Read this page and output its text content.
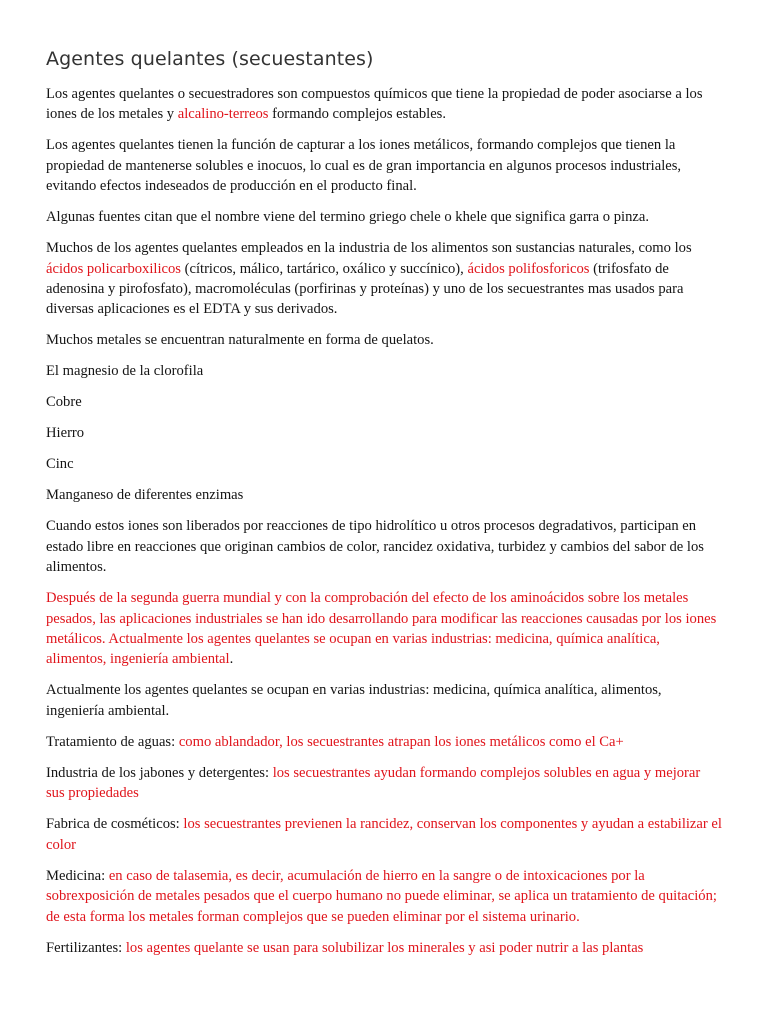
Agentes quelantes (secuestantes)

Los agentes quelantes o secuestradores son compuestos químicos que tiene la propiedad de poder asociarse a los iones de los metales y alcalino-terreos formando complejos estables.

Los agentes quelantes tienen la función de capturar a los iones metálicos, formando complejos que tienen la propiedad de mantenerse solubles e inocuos, lo cual es de gran importancia en algunos procesos industriales, evitando efectos indeseados de producción en el producto final.

Algunas fuentes citan que el nombre viene del termino griego chele o khele que significa garra o pinza.

Muchos de los agentes quelantes empleados en la industria de los alimentos son sustancias naturales, como los ácidos policarboxilicos (cítricos, málico, tartárico, oxálico y succínico), ácidos polifosforicos (trifosfato de adenosina y pirofosfato), macromoléculas (porfirinas y proteínas) y uno de los secuestrantes mas usados para diversas aplicaciones es el EDTA y sus derivados.

Muchos metales se encuentran naturalmente en forma de quelatos.

El magnesio de la clorofila

Cobre

Hierro

Cinc

Manganeso de diferentes enzimas

Cuando estos iones son liberados por reacciones de tipo hidrolítico u otros procesos degradativos, participan en estado libre en reacciones que originan cambios de color, rancidez oxidativa, turbidez y cambios del sabor de los alimentos.

Después de la segunda guerra mundial y con la comprobación del efecto de los aminoácidos sobre los metales pesados, las aplicaciones industriales se han ido desarrollando para modificar las reacciones causadas por los iones metálicos. Actualmente los agentes quelantes se ocupan en varias industrias: medicina, química analítica, alimentos, ingeniería ambiental.

Actualmente los agentes quelantes se ocupan en varias industrias: medicina, química analítica, alimentos, ingeniería ambiental.

Tratamiento de aguas: como ablandador, los secuestrantes atrapan los iones metálicos como el Ca+

Industria de los jabones y detergentes: los secuestrantes ayudan formando complejos solubles en agua y mejorar sus propiedades

Fabrica de cosméticos: los secuestrantes previenen la rancidez, conservan los componentes y ayudan a estabilizar el color

Medicina: en caso de talasemia, es decir, acumulación de hierro en la sangre o de intoxicaciones por la sobrexposición de metales pesados que el cuerpo humano no puede eliminar, se aplica un tratamiento de quitación; de esta forma los metales forman complejos que se pueden eliminar por el sistema urinario.

Fertilizantes: los agentes quelante se usan para solubilizar los minerales y asi poder nutrir a las plantas
